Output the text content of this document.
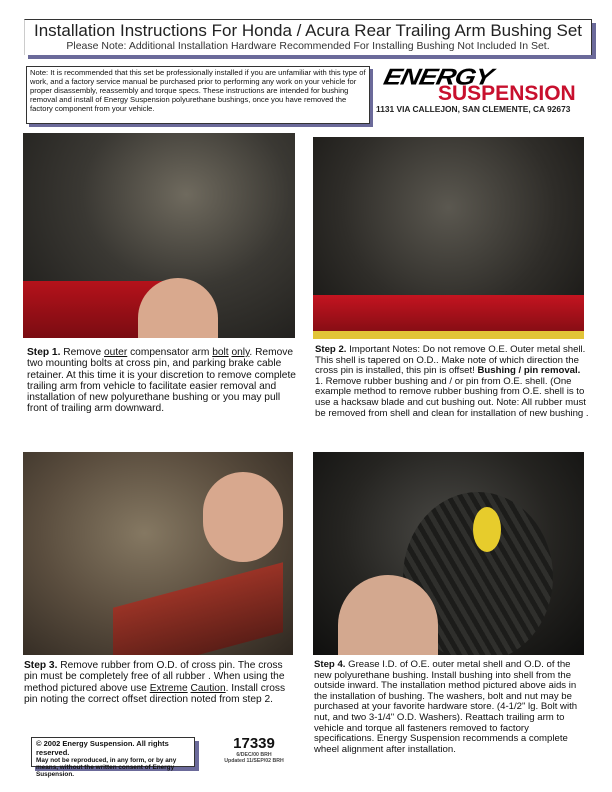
Installation Instructions For Honda / Acura Rear Trailing Arm Bushing Set
Please Note: Additional Installation Hardware Recommended For Installing Bushing Not Included In Set.
Note: It is recommended that this set be professionally installed if you are unfamiliar with this type of work, and a factory service manual be purchased prior to performing any work on your vehicle for proper disassembly, reassembly and torque specs. These instructions are intended for bushing removal and install of Energy Suspension polyurethane bushings, once you have removed the factory component from your vehicle.
ENERGY
SUSPENSION
1131 VIA CALLEJON, SAN CLEMENTE, CA 92673
Step 1. Remove outer compensator arm bolt only. Remove two mounting bolts at cross pin, and parking brake cable retainer. At this time it is your discretion to remove complete trailing arm from vehicle to facilitate easier removal and installation of new polyurethane bushing or you may pull front of trailing arm downward.
Step 2. Important Notes: Do not remove O.E. Outer metal shell. This shell is tapered on O.D.. Make note of which direction the cross pin is installed, this pin is offset! Bushing / pin removal. 1. Remove rubber bushing and / or pin from O.E. shell. (One example method to remove rubber bushing from O.E. shell is to use a hacksaw blade and cut bushing out. Note: All rubber must be removed from shell and clean for installation of new bushing .
Step 3. Remove rubber from O.D. of cross pin. The cross pin must be completely free of all rubber . When using the method pictured above use Extreme Caution. Install cross pin noting the correct offset direction noted from step 2.
Step 4. Grease I.D. of O.E. outer metal shell and O.D. of the new polyurethane bushing. Install bushing into shell from the outside inward. The installation method pictured above aids in the installation of bushing. The washers, bolt and nut may be purchased at your favorite hardware store. (4-1/2" lg. Bolt with nut, and two 3-1/4" O.D. Washers). Reattach trailing arm to vehicle and torque all fasteners removed to factory specifications. Energy Suspension recommends a complete wheel alignment after installation.
© 2002 Energy Suspension. All rights reserved.
May not be reproduced, in any form, or by any means, without the written consent of Energy Suspension.
17339
6/DEC/00 BRH
Updated 11/SEP/02 BRH
